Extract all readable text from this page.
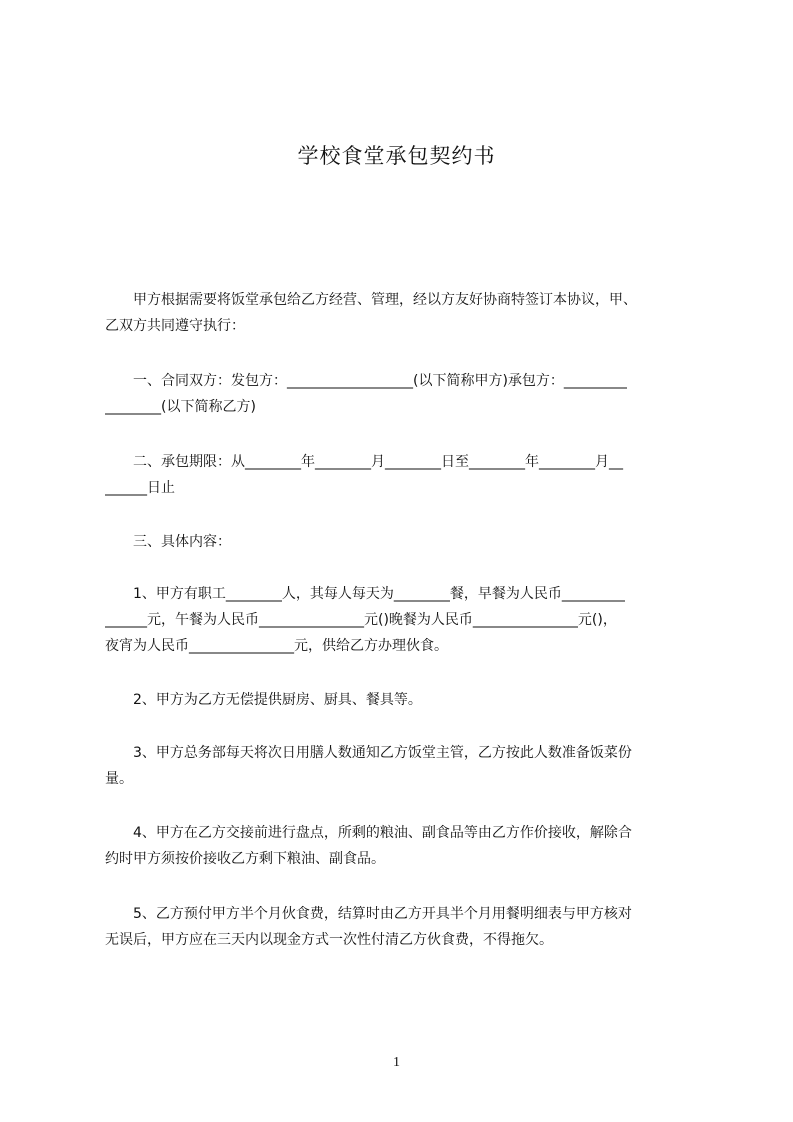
学校食堂承包契约书
　　甲方根据需要将饭堂承包给乙方经营、管理，经以方友好协商特签订本协议，甲、
乙双方共同遵守执行：
　　一、合同双方：发包方：__________________(以下简称甲方)承包方：_________
________(以下简称乙方)
　　二、承包期限：从________年________月________日至________年________月__
______日止
　　三、具体内容：
　　1、甲方有职工________人，其每人每天为________餐，早餐为人民币_________
______元，午餐为人民币_______________元()晚餐为人民币_______________元()，
夜宵为人民币_______________元，供给乙方办理伙食。
　　2、甲方为乙方无偿提供厨房、厨具、餐具等。
　　3、甲方总务部每天将次日用膳人数通知乙方饭堂主管，乙方按此人数准备饭菜份
量。
　　4、甲方在乙方交接前进行盘点，所剩的粮油、副食品等由乙方作价接收，解除合
约时甲方须按价接收乙方剩下粮油、副食品。
　　5、乙方预付甲方半个月伙食费，结算时由乙方开具半个月用餐明细表与甲方核对
无误后，甲方应在三天内以现金方式一次性付清乙方伙食费，不得拖欠。
1
